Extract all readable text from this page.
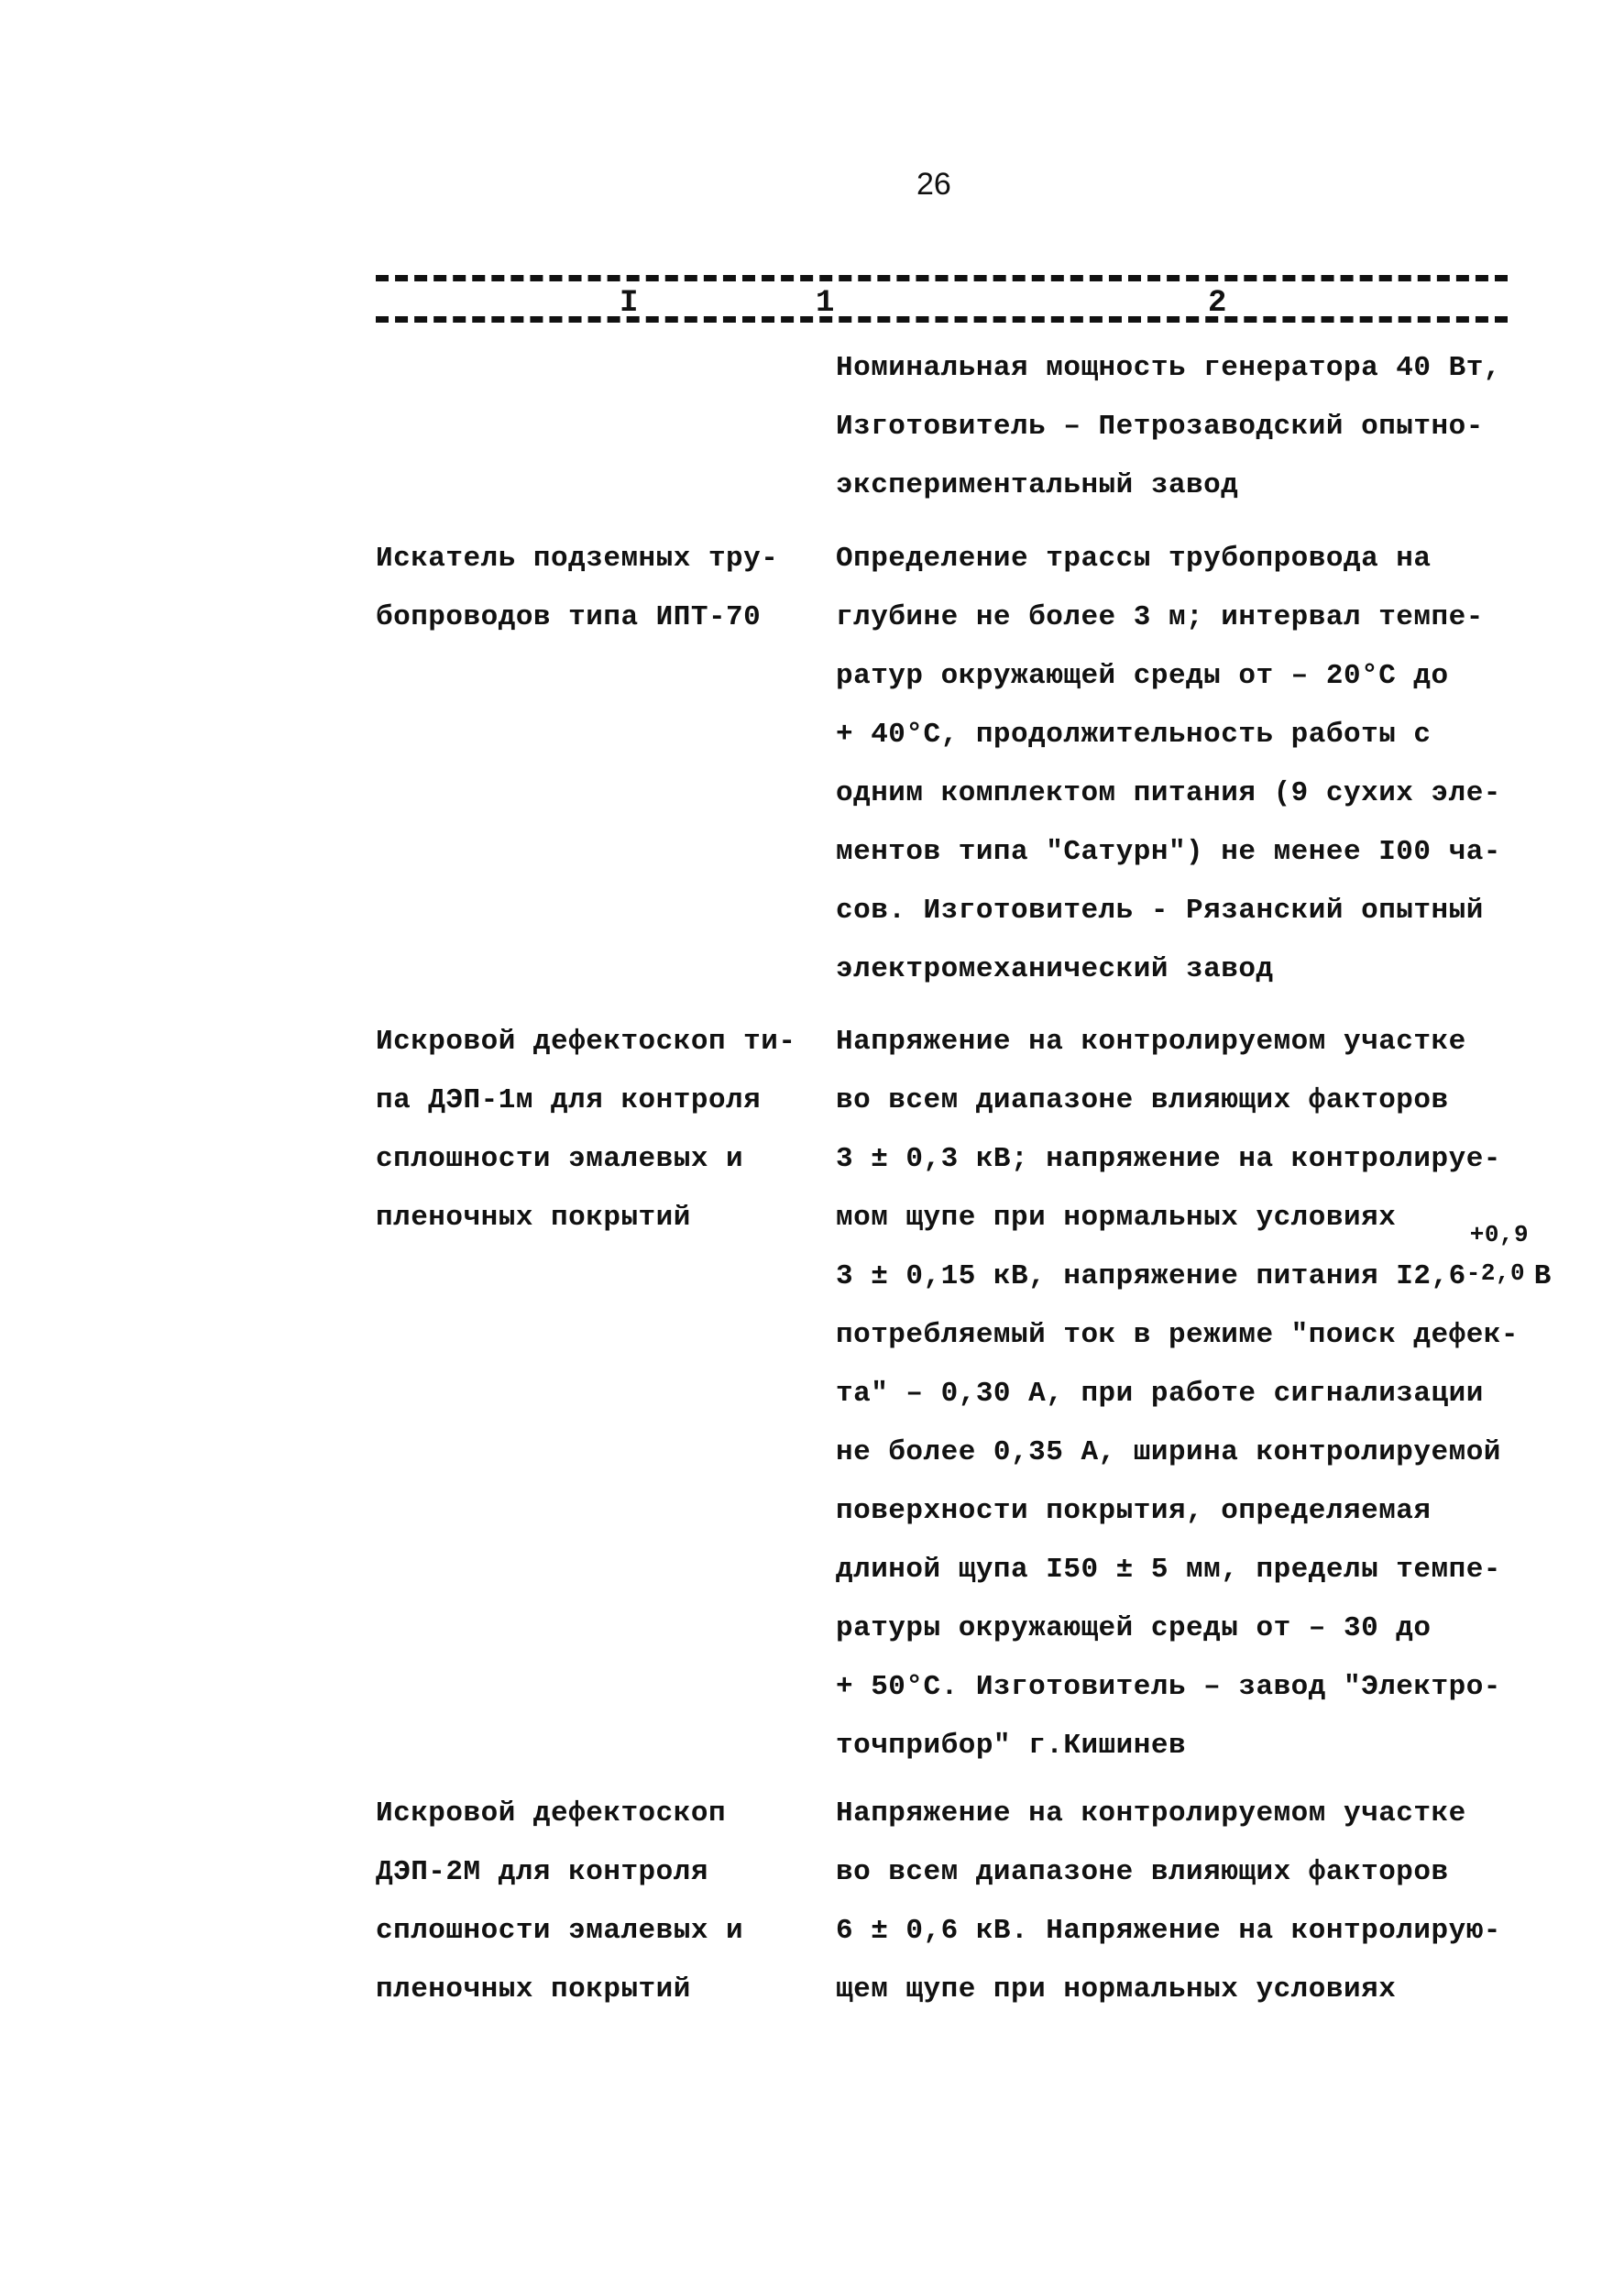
26
I	1	2
Номинальная мощность генератора 40 Вт,
Изготовитель – Петрозаводский опытно-
экспериментальный завод
Искатель подземных тру-
бопроводов типа ИПТ-70
Определение трассы трубопровода на
глубине не более 3 м; интервал темпе-
ратур окружающей среды от – 20°С до
+ 40°С, продолжительность работы с
одним комплектом питания (9 сухих эле-
ментов типа "Сатурн") не менее I00 ча-
сов. Изготовитель - Рязанский опытный
электромеханический завод
Искровой дефектоскоп ти-
па ДЭП-1м для контроля
сплошности эмалевых и
пленочных покрытий
Напряжение на контролируемом участке
во всем диапазоне влияющих факторов
3 ± 0,3 кВ; напряжение на контролируе-
мом щупе при нормальных условиях
3 ± 0,15 кВ, напряжение питания I2,6
+0,9
-2,0 В
потребляемый ток в режиме "поиск дефек-
та" – 0,30 А, при работе сигнализации
не более 0,35 А, ширина контролируемой
поверхности покрытия, определяемая
длиной щупа I50 ± 5 мм, пределы темпе-
ратуры окружающей среды от – 30 до
+ 50°С. Изготовитель – завод "Электро-
точприбор" г.Кишинев
Искровой дефектоскоп
ДЭП-2М для контроля
сплошности эмалевых и
пленочных покрытий
Напряжение на контролируемом участке
во всем диапазоне влияющих факторов
6 ± 0,6 кВ. Напряжение на контролирую-
щем щупе при нормальных условиях
